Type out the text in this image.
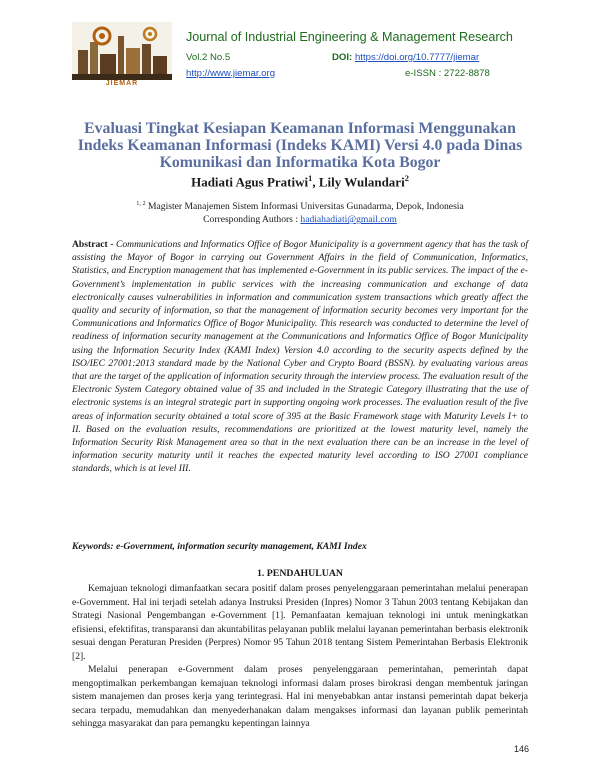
JIEMAR
Journal of Industrial Engineering & Management Research
Vol.2 No.5	DOI: https://doi.org/10.7777/jiemar
http://www.jiemar.org	e-ISSN : 2722-8878
Evaluasi Tingkat Kesiapan Keamanan Informasi Menggunakan Indeks Keamanan Informasi (Indeks KAMI) Versi 4.0 pada Dinas Komunikasi dan Informatika Kota Bogor
Hadiati Agus Pratiwi$^1$, Lily Wulandari$^2$
$^{1, 2}$ Magister Manajemen Sistem Informasi Universitas Gunadarma, Depok, Indonesia
Corresponding Authors : hadiahadiati@gmail.com

Abstract - Communications and Informatics Office of Bogor Municipality is a government agency that has the task of assisting the Mayor of Bogor in carrying out Government Affairs in the field of Communication, Informatics, Statistics, and Encryption management that has implemented e-Government in its public services. The impact of the e-Government’s implementation in public services with the increasing communication and exchange of data electronically causes vulnerabilities in information and communication system transactions which greatly affect the quality and security of information, so that the management of information security becomes very important for the Communications and Informatics Office of Bogor Municipality. This research was conducted to determine the level of readiness of information security management at the Communications and Informatics Office of Bogor Municipality using the Information Security Index (KAMI Index) Version 4.0 according to the security aspects defined by the ISO/IEC 27001:2013 standard made by the National Cyber and Crypto Board (BSSN). by evaluating various areas that are the target of the application of information security through the interview process. The evaluation result of the Electronic System Category obtained value of 35 and included in the Strategic Category illustrating that the use of electronic systems is an integral strategic part in supporting ongoing work processes. The evaluation result of the five areas of information security obtained a total score of 395 at the Basic Framework stage with Maturity Levels I+ to II. Based on the evaluation results, recommendations are prioritized at the lowest maturity level, namely the Information Security Risk Management area so that in the next evaluation there can be an increase in the level of information security maturity until it reaches the expected maturity level according to ISO 27001 compliance standards, which is at level III.

Keywords: e-Government, information security management, KAMI Index
1. PENDAHULUAN

Kemajuan teknologi dimanfaatkan secara positif dalam proses penyelenggaraan pemerintahan melalui penerapan e-Government. Hal ini terjadi setelah adanya Instruksi Presiden (Inpres) Nomor 3 Tahun 2003 tentang Kebijakan dan Strategi Nasional Pengembangan e-Government [1]. Pemanfaatan kemajuan teknologi ini untuk meningkatkan efisiensi, efektifitas, transparansi dan akuntabilitas pelayanan publik melalui layanan pemerintahan berbasis elektronik sesuai dengan Peraturan Presiden (Perpres) Nomor 95 Tahun 2018 tentang Sistem Pemerintahan Berbasis Elektronik [2].

Melalui penerapan e-Government dalam proses penyelenggaraan pemerintahan, pemerintah dapat mengoptimalkan perkembangan kemajuan teknologi informasi dalam proses birokrasi dengan membentuk jaringan sistem manajemen dan proses kerja yang terintegrasi. Hal ini menyebabkan antar instansi pemerintah dapat bekerja secara terpadu, memudahkan dan menyederhanakan dalam mengakses informasi dan layanan publik pemerintah sehingga masyarakat dan para pemangku kepentingan lainnya

146
